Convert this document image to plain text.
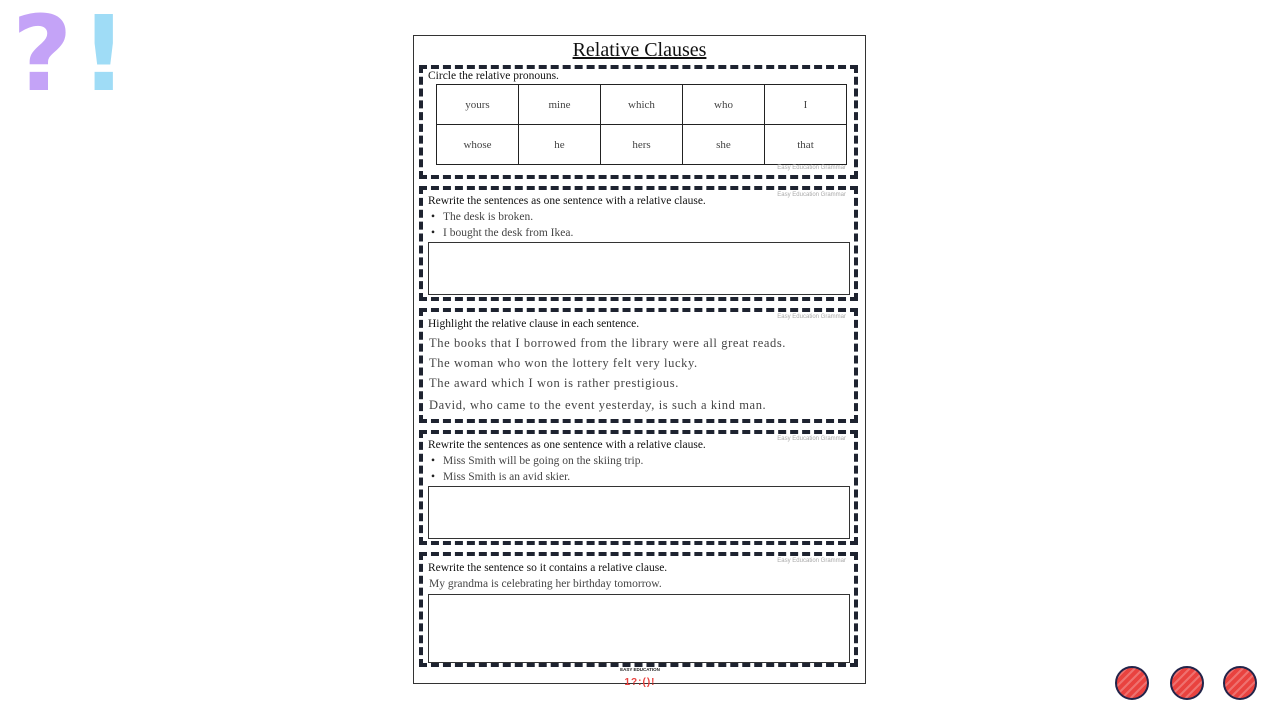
? !	Relative Clauses
Circle the relative pronouns.
yours	mine	which	who	I
whose	he	hers	she	that
Easy Education Grammar
Easy Education Grammar
Rewrite the sentences as one sentence with a relative clause.
• The desk is broken.
• I bought the desk from Ikea.
Easy Education Grammar
Highlight the relative clause in each sentence.
The books that I borrowed from the library were all great reads.
The woman who won the lottery felt very lucky.
The award which I won is rather prestigious.
David, who came to the event yesterday, is such a kind man.
Easy Education Grammar
Rewrite the sentences as one sentence with a relative clause.
• Miss Smith will be going on the skiing trip.
• Miss Smith is an avid skier.
Easy Education Grammar
Rewrite the sentence so it contains a relative clause.
My grandma is celebrating her birthday tomorrow.
EASY EDUCATION
1?:()!
